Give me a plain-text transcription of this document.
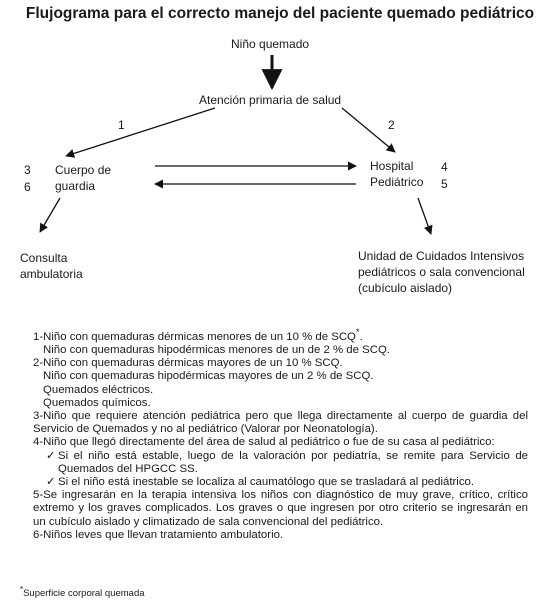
Flujograma para el correcto manejo del paciente quemado pediátrico
Niño quemado
Atención primaria de salud
1	2
3
6
Cuerpo de
guardia
Hospital
Pediátrico
4
5
Consulta
ambulatoria
Unidad de Cuidados Intensivos
pediátricos o sala convencional
(cubículo aislado)

1-Niño con quemaduras dérmicas menores de un 10 % de SCQ*.

Niño con quemaduras hipodérmicas menores de un de 2 % de SCQ.

2-Niño con quemaduras dérmicas mayores de un 10 % SCQ.

Niño con quemaduras hipodérmicas mayores de un 2 % de SCQ.

Quemados eléctricos.

Quemados químicos.

3-Niño que requiere atención pediátrica pero que llega directamente al cuerpo de guardia del Servicio de Quemados y no al pediátrico (Valorar por Neonatología).

4-Niño que llegó directamente del área de salud al pediátrico o fue de su casa al pediátrico:

✓ Si el niño está estable, luego de la valoración por pediatría, se remite para Servicio de Quemados del HPGCC SS.

✓ Si el niño está inestable se localiza al caumatólogo que se trasladará al pediátrico.

5-Se ingresarán en la terapia intensiva los niños con diagnóstico de muy grave, crítico, crítico extremo y los graves complicados. Los graves o que ingresen por otro criterio se ingresarán en un cubículo aislado y climatizado de sala convencional del pediátrico.

6-Niños leves que llevan tratamiento ambulatorio.

*Superficie corporal quemada
